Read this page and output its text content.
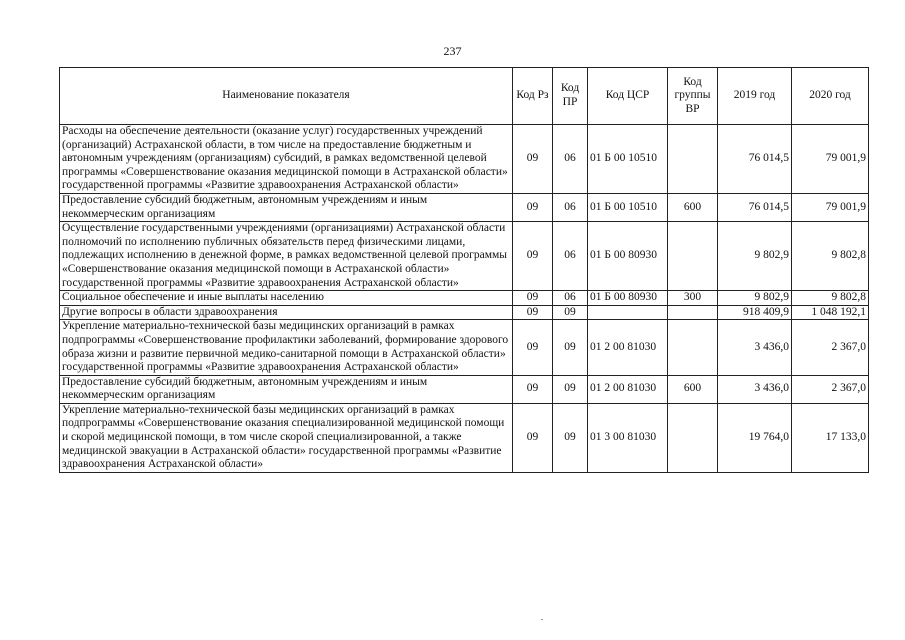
237
Наименование показателя	Код Рз	Код ПР	Код ЦСР	Код группы ВР	2019 год	2020 год
Расходы на обеспечение деятельности (оказание услуг) государственных учреждений (организаций) Астраханской области, в том числе на предоставление бюджетным и автономным учреждениям (организациям) субсидий, в рамках ведомственной целевой программы «Совершенствование оказания медицинской помощи в Астраханской области» государственной программы «Развитие здравоохранения Астраханской области»	09	06	01 Б 00 10510		76 014,5	79 001,9
Предоставление субсидий бюджетным, автономным учреждениям и иным некоммерческим организациям	09	06	01 Б 00 10510	600	76 014,5	79 001,9
Осуществление государственными учреждениями (организациями) Астраханской области полномочий по исполнению публичных обязательств перед физическими лицами, подлежащих исполнению в денежной форме, в рамках ведомственной целевой программы «Совершенствование оказания медицинской помощи в Астраханской области» государственной программы «Развитие здравоохранения Астраханской области»	09	06	01 Б 00 80930		9 802,9	9 802,8
Социальное обеспечение и иные выплаты населению	09	06	01 Б 00 80930	300	9 802,9	9 802,8
Другие вопросы в области здравоохранения	09	09			918 409,9	1 048 192,1
Укрепление материально-технической базы медицинских организаций в рамках подпрограммы «Совершенствование профилактики заболеваний, формирование здорового образа жизни и развитие первичной медико-санитарной помощи в Астраханской области» государственной программы «Развитие здравоохранения Астраханской области»	09	09	01 2 00 81030		3 436,0	2 367,0
Предоставление субсидий бюджетным, автономным учреждениям и иным некоммерческим организациям	09	09	01 2 00 81030	600	3 436,0	2 367,0
Укрепление материально-технической базы медицинских организаций в рамках подпрограммы «Совершенствование оказания специализированной медицинской помощи и скорой медицинской помощи, в том числе скорой специализированной, а также медицинской эвакуации в Астраханской области» государственной программы «Развитие здравоохранения Астраханской области»	09	09	01 3 00 81030		19 764,0	17 133,0
